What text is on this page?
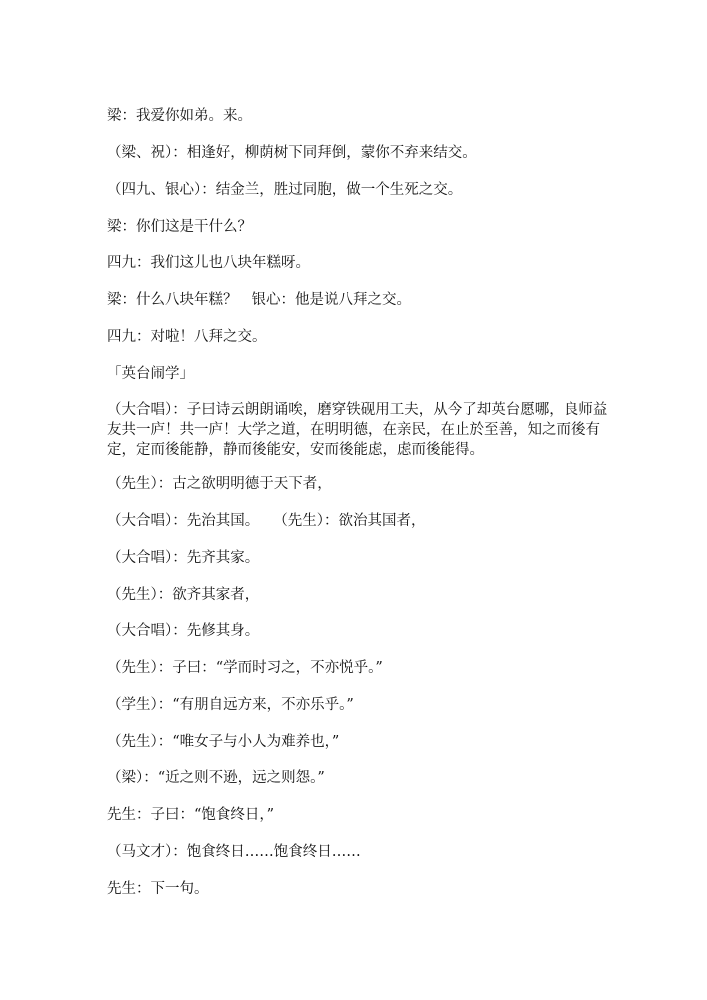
梁：我爱你如弟。来。
（梁、祝）：相逢好，柳荫树下同拜倒，蒙你不弃来结交。
（四九、银心）：结金兰，胜过同胞，做一个生死之交。
梁：你们这是干什么？
四九：我们这儿也八块年糕呀。
梁：什么八块年糕？ 银心：他是说八拜之交。
四九：对啦！八拜之交。
「英台闹学」
（大合唱）：子曰诗云朗朗诵唉，磨穿铁砚用工夫，从今了却英台愿哪，良师益
友共一庐！共一庐！大学之道，在明明德，在亲民，在止於至善，知之而後有
定，定而後能静，静而後能安，安而後能虑，虑而後能得。
（先生）：古之欲明明德于天下者，
（大合唱）：先治其国。 （先生）：欲治其国者，
（大合唱）：先齐其家。
（先生）：欲齐其家者，
（大合唱）：先修其身。
（先生）：子曰：“学而时习之，不亦悦乎。”
（学生）：“有朋自远方来，不亦乐乎。”
（先生）：“唯女子与小人为难养也，”
（梁）：“近之则不逊，远之则怨。”
先生：子曰：“饱食终日，”
（马文才）：饱食终日……饱食终日……
先生：下一句。
